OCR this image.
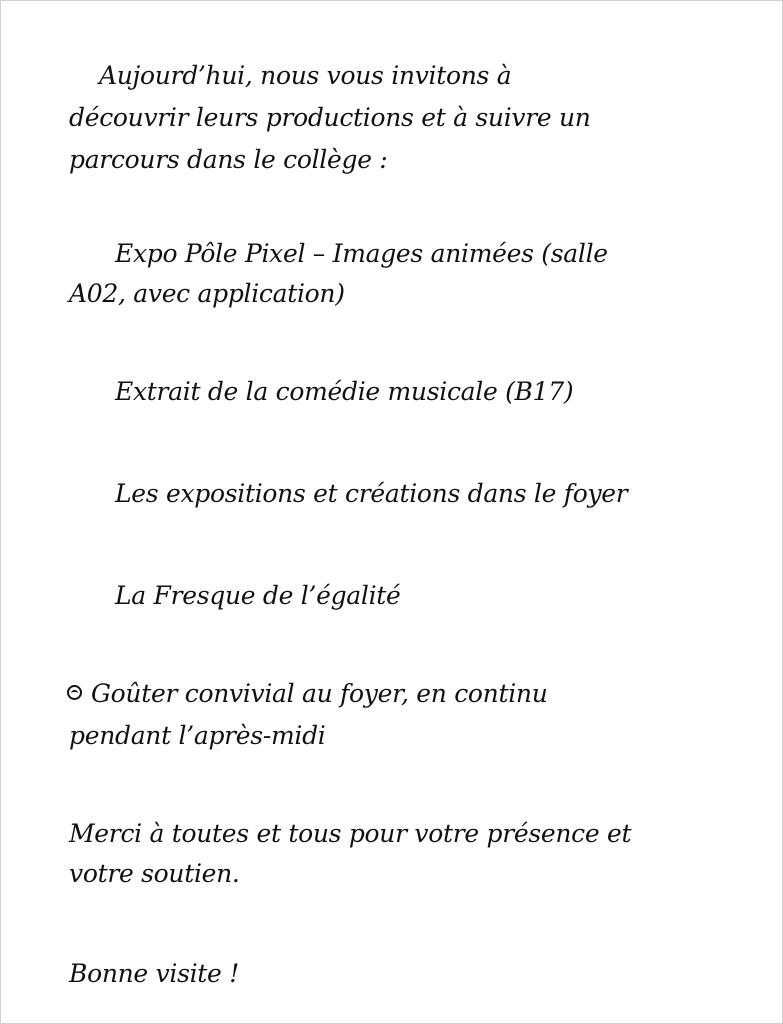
Aujourd’hui, nous vous invitons à
découvrir leurs productions et à suivre un
parcours dans le collège :
Expo Pôle Pixel – Images animées (salle
A02, avec application)
Extrait de la comédie musicale (B17)
Les expositions et créations dans le foyer
La Fresque de l’égalité
Goûter convivial au foyer, en continu
pendant l’après-midi
Merci à toutes et tous pour votre présence et
votre soutien.
Bonne visite !
